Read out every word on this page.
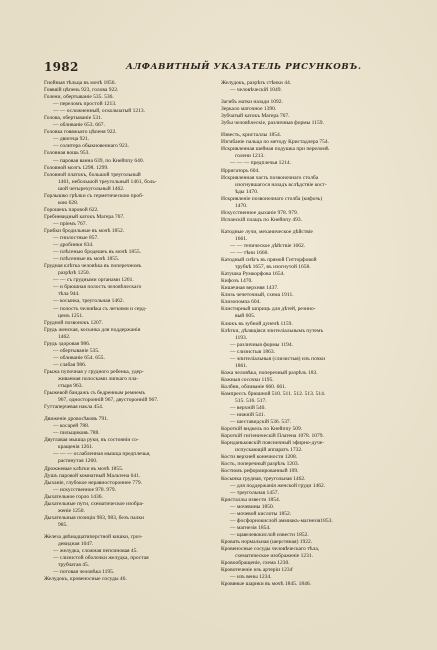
1982	АЛФАВИТНЫЙ УКАЗАТЕЛЬ РИСУНКОВЪ.
Гнойныя тѣльца въ мочѣ 1856.
Говвяій цѣпень 923, голова 922.
Голени, обертываніе 535. 536.
— переломъ простой 1213.
— — осложненный, оскольчатый 1213.
Голова, обертываніе 531.
— обливаніе 653. 667.
Головка говяжьяго цѣпеня 922.
— двигеца 921.
— солитера обыкновеннаго 923.
Головная вошь 953.
— паровая ванна 639, по Кнейппу 640.
Головной мозгъ 1298. 1299.
Головной платокъ, большой треугольный
1461, небольшой треугольный 1461, боль-
шой четырехугольный 1462.
Горлышко грѣлки съ герметическою проб-
кою 628.
Горошекъ паровой 622.
Гребневидный катокъ Магера 767.
— пріемъ 767.
Грибки бродильные въ мочѣ 1852.
— гнилостные 857.
— дробинки 834.
— плѣсенью бродешеъ въ мочѣ 1855.
— плѣсенные въ мочѣ 1855.
Грудная клѣтка человѣка въ поперечномъ
разрѣзѣ 1250.
— — съ грудными органами 1261.
— и брюшная полость человѣческаго
тѣла 944.
— косынка, треугольная 1462.
— полость человѣка съ легкими и серд-
цемъ 1251.
Грудной позвонокъ 1207.
Грудь женская, косынка для поддержанія
1462.
Грудь здоровая 986.
— обертываніе 535.
— обливаніе 654. 655.
— слабая 986.
Грыжа пупочная у грудного ребенка, удер-
живаемая полосками липкаго пла-
стыря 963.
Грыжевой бандажъ съ бедренным ремнемъ
967, односторонній 967, двусторонній 967.
Гуттаперчевая накла 454.
Движеніе дровосѣковъ 791.
— косарей 788.
— пильщиковъ 788.
Двуглавая мышца руки, въ состояніи со-
кращенія 1261.
— — — ослабленная мышца предплечья,
растянутая 1260.
Дрожжевые клѣтки въ мочѣ 1855.
Душъ паровой комнатный Мальтена 641.
Дыханіе, глубокое неравностороннее 779.
— искусственное 978. 979.
Дыхательное горло 1436.
Дыхательные пути, схематическое изобра-
женіе 1250.
Дыхательныя позиціи 983, 983, безъ палки
985.
Железа двѣнадцатиперстной кишки, гроз-
девидная 1047.
— желудка, сложная пепсиновая 45.
— слизистой оболочки желудка, простая
трубчатая 45.
— потовая человѣка 1195.
Желудокъ, кровеносные сосуды 46.
Желудокъ, разрѣзъ стѣнки 44.
— человѣческій 1049.
Загибъ матки назади 1092.
Зеркало маточное 1390.
Зубчатый катокъ Магера 767.
Зубы человѣческіе, различныя формы 1159.
Известь, кристаллы 1854.
Изгибаніе пальца по методу Кристадлера 754.
Искривленная шейная подушка при переломѣ
голени 1213.
— — — предплечья 1214.
Ирригаторъ 604.
Искривленная часть позвоночнаго столба
изогнувшагося назадъ вслѣдствіе кост-
ѣды 1470.
Искривленіе позвоночнаго столба (кифозъ)
1470.
Искусственное дыханіе 978. 979.
Испанскій плащъ по Кнейппу 493.
Катодные лучи, механическое дѣйствіе
1661.
— — тепическое дѣйствіе 1662.
— — тѣни 1660.
Катодный снѣгъ въ прямой Гитторфовой
трубкѣ 1657, въ изогнутой 1658.
Катушка Румкорфова 1654.
Кифозъ 1470.
Кишечная верхняя 1437.
Клизь чечеточный, схема 1911.
Клизопомпа 604.
Клистирный шприцъ для дѣтей, резино-
вый 605.
Клюкъ въ зубной дунечѣ 1159.
Клѣтки, дѣлящіяся эпителіальнымъ путемъ
1193.
— различныя формы 1194.
— слизистыя 1863.
— эпителіальныя (слизистыя) изъ почки
1861.
Кожа человѣка, поперечный разрѣзъ 183.
Кожныя сосочки 1195.
Колбни, обливаніе 660. 661.
Компрессъ брюшной 510. 511. 512. 513. 514.
515. 516. 517.
— верхній 540.
— нижній 541.
— шеставидскій 536. 537.
Короткій вндкель по Кнейппу 509.
Короткій гигіеническій Платена 1078. 1079.
Корнданьковскій поясничный эфирно-дуче-
испускающій аппаратъ 1732.
Кости верхней конечности 1208.
Кость, поперечный разрѣзъ 1203.
Костюмъ реформированный 109.
Косынка грудная, треугольная 1462.
— для поддержанія женской груди 1462.
— треугольная 1457.
Кристаллы извести 1854.
— мочевины 1850.
— мочевой кислоты 1852.
— фосфорнокислой аммиакъ-магнезія1853.
— магнезія 1854.
— щавелевокислой извести 1852.
Кровать нормальная (шерстяная) 1922.
Кровеносные сосуды человѣческаго тѣла,
схематическое изображеніе 1231.
Кровообращеніе, схема 1230.
Кровотеченіе изъ артеріи 1234'
— изъ вены 1234.
Кровяные шарики въ мочѣ 1845. 1846.
